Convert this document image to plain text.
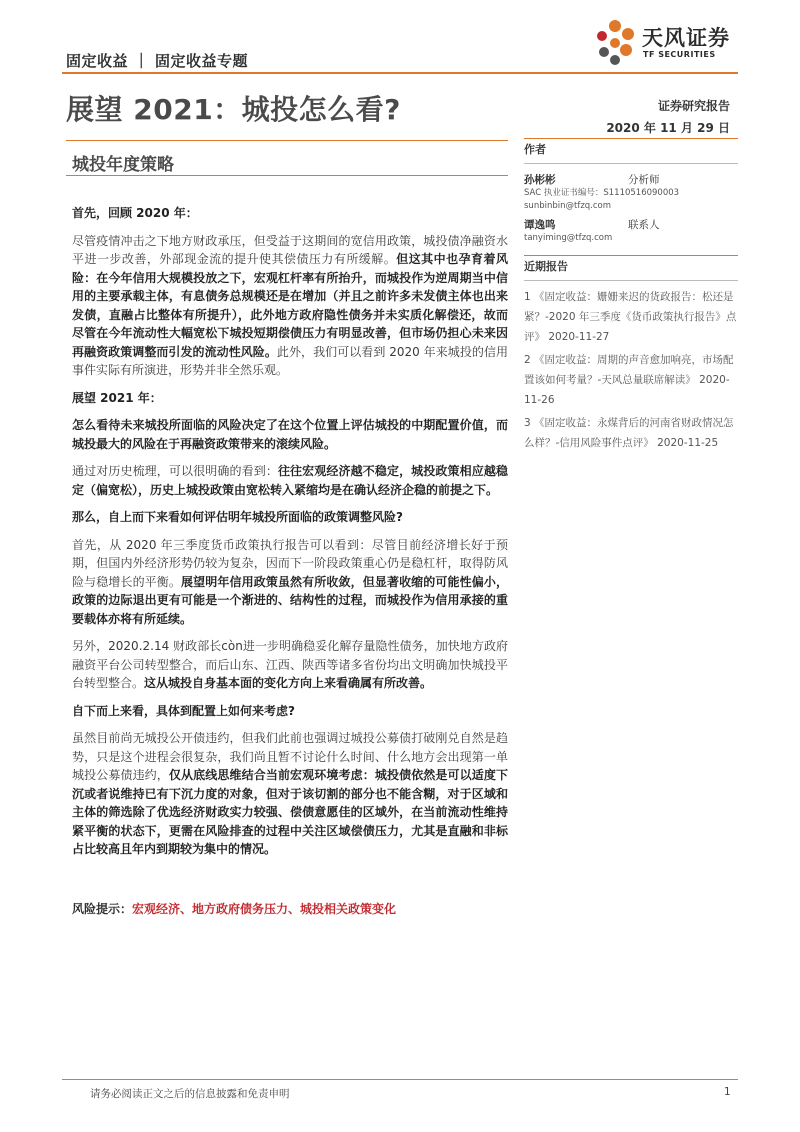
固定收益 ｜ 固定收益专题
天风证券
TF SECURITIES
展望 2021：城投怎么看?	证券研究报告
2020 年 11 月 29 日
城投年度策略
作者
孙彬彬	分析师
SAC 执业证书编号：S1110516090003
sunbinbin@tfzq.com
谭逸鸣	联系人
tanyiming@tfzq.com
近期报告
1 《固定收益：姗姗来迟的货政报告：松还是紧？-2020 年三季度《货币政策执行报告》点评》 2020-11-27
2 《固定收益：周期的声音愈加响亮，市场配置该如何考量？-天风总量联席解读》 2020-11-26
3 《固定收益：永煤背后的河南省财政情况怎么样？-信用风险事件点评》 2020-11-25

首先，回顾 2020 年：

尽管疫情冲击之下地方财政承压，但受益于这期间的宽信用政策，城投债净融资水平进一步改善，外部现金流的提升使其偿债压力有所缓解。但这其中也孕育着风险：在今年信用大规模投放之下，宏观杠杆率有所抬升，而城投作为逆周期当中信用的主要承载主体，有息债务总规模还是在增加（并且之前许多未发债主体也出来发债，直融占比整体有所提升），此外地方政府隐性债务并未实质化解偿还，故而尽管在今年流动性大幅宽松下城投短期偿债压力有明显改善，但市场仍担心未来因再融资政策调整而引发的流动性风险。此外，我们可以看到 2020 年来城投的信用事件实际有所演进，形势并非全然乐观。

展望 2021 年：

怎么看待未来城投所面临的风险决定了在这个位置上评估城投的中期配置价值，而城投最大的风险在于再融资政策带来的滚续风险。

通过对历史梳理，可以很明确的看到：往往宏观经济越不稳定，城投政策相应越稳定（偏宽松），历史上城投政策由宽松转入紧缩均是在确认经济企稳的前提之下。

那么，自上而下来看如何评估明年城投所面临的政策调整风险?

首先，从 2020 年三季度货币政策执行报告可以看到：尽管目前经济增长好于预期，但国内外经济形势仍较为复杂，因而下一阶段政策重心仍是稳杠杆，取得防风险与稳增长的平衡。展望明年信用政策虽然有所收敛，但显著收缩的可能性偏小，政策的边际退出更有可能是一个渐进的、结构性的过程，而城投作为信用承接的重要载体亦将有所延续。

另外，2020.2.14 财政部长còn进一步明确稳妥化解存量隐性债务，加快地方政府融资平台公司转型整合，而后山东、江西、陕西等诸多省份均出文明确加快城投平台转型整合。这从城投自身基本面的变化方向上来看确属有所改善。

自下而上来看，具体到配置上如何来考虑?

虽然目前尚无城投公开债违约，但我们此前也强调过城投公募债打破刚兑自然是趋势，只是这个进程会很复杂，我们尚且暂不讨论什么时间、什么地方会出现第一单城投公募债违约，仅从底线思维结合当前宏观环境考虑：城投债依然是可以适度下沉或者说维持已有下沉力度的对象，但对于该切割的部分也不能含糊，对于区域和主体的筛选除了优选经济财政实力较强、偿债意愿佳的区域外，在当前流动性维持紧平衡的状态下，更需在风险排查的过程中关注区域偿债压力，尤其是直融和非标占比较高且年内到期较为集中的情况。

风险提示：宏观经济、地方政府债务压力、城投相关政策变化
请务必阅读正文之后的信息披露和免责申明	1
